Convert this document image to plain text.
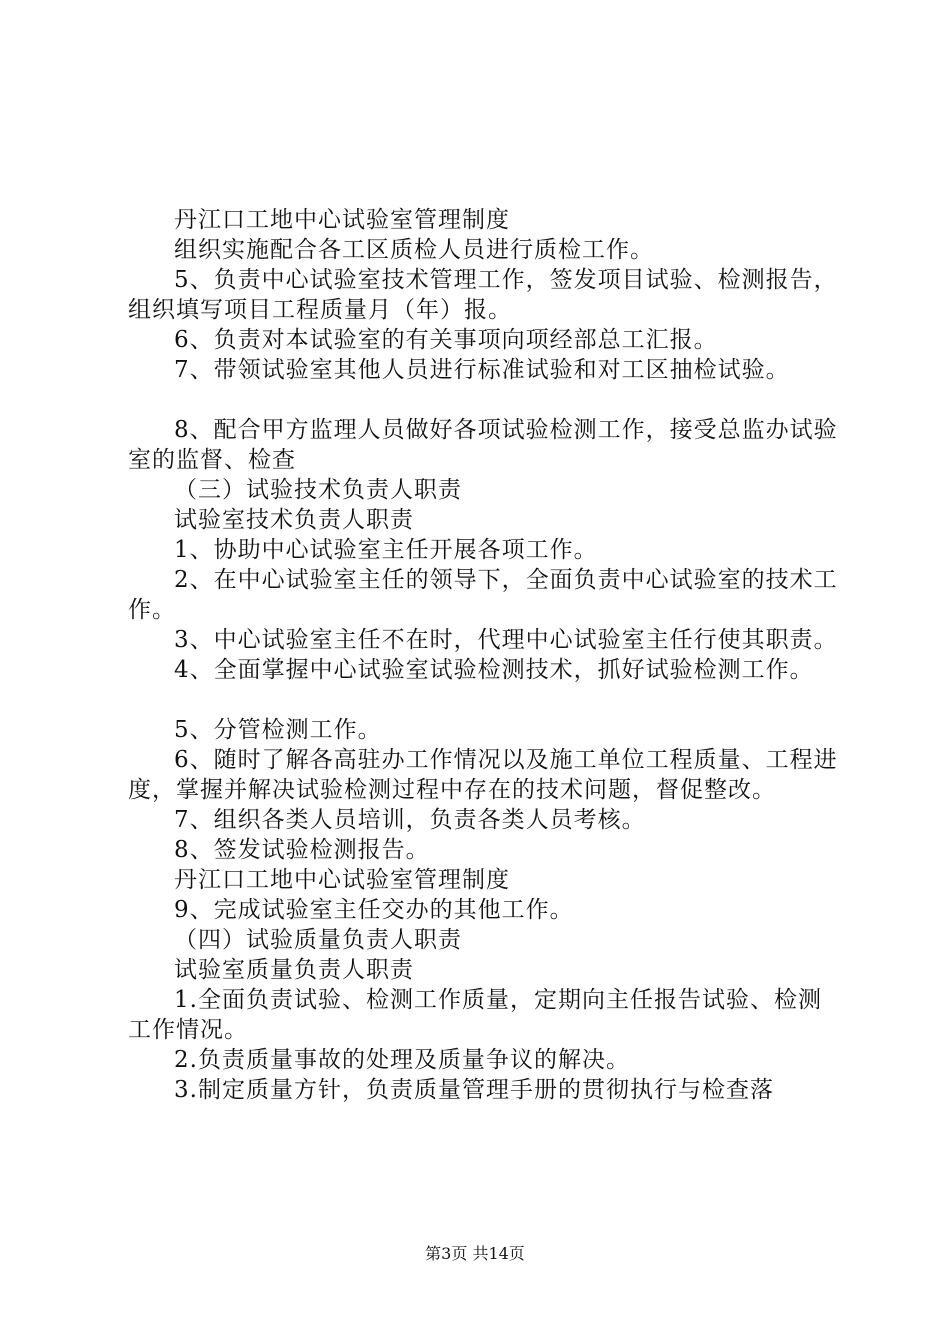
丹江口工地中心试验室管理制度

组织实施配合各工区质检人员进行质检工作。

5、负责中心试验室技术管理工作，签发项目试验、检测报告，组织填写项目工程质量月（年）报。

6、负责对本试验室的有关事项向项经部总工汇报。

7、带领试验室其他人员进行标准试验和对工区抽检试验。

8、配合甲方监理人员做好各项试验检测工作，接受总监办试验室的监督、检查

（三）试验技术负责人职责

试验室技术负责人职责

1、协助中心试验室主任开展各项工作。

2、在中心试验室主任的领导下，全面负责中心试验室的技术工作。

3、中心试验室主任不在时，代理中心试验室主任行使其职责。

4、全面掌握中心试验室试验检测技术，抓好试验检测工作。

5、分管检测工作。

6、随时了解各高驻办工作情况以及施工单位工程质量、工程进度，掌握并解决试验检测过程中存在的技术问题，督促整改。

7、组织各类人员培训，负责各类人员考核。

8、签发试验检测报告。

丹江口工地中心试验室管理制度

9、完成试验室主任交办的其他工作。

（四）试验质量负责人职责

试验室质量负责人职责

1.全面负责试验、检测工作质量，定期向主任报告试验、检测工作情况。

2.负责质量事故的处理及质量争议的解决。

3.制定质量方针，负责质量管理手册的贯彻执行与检查落

第3页 共14页
